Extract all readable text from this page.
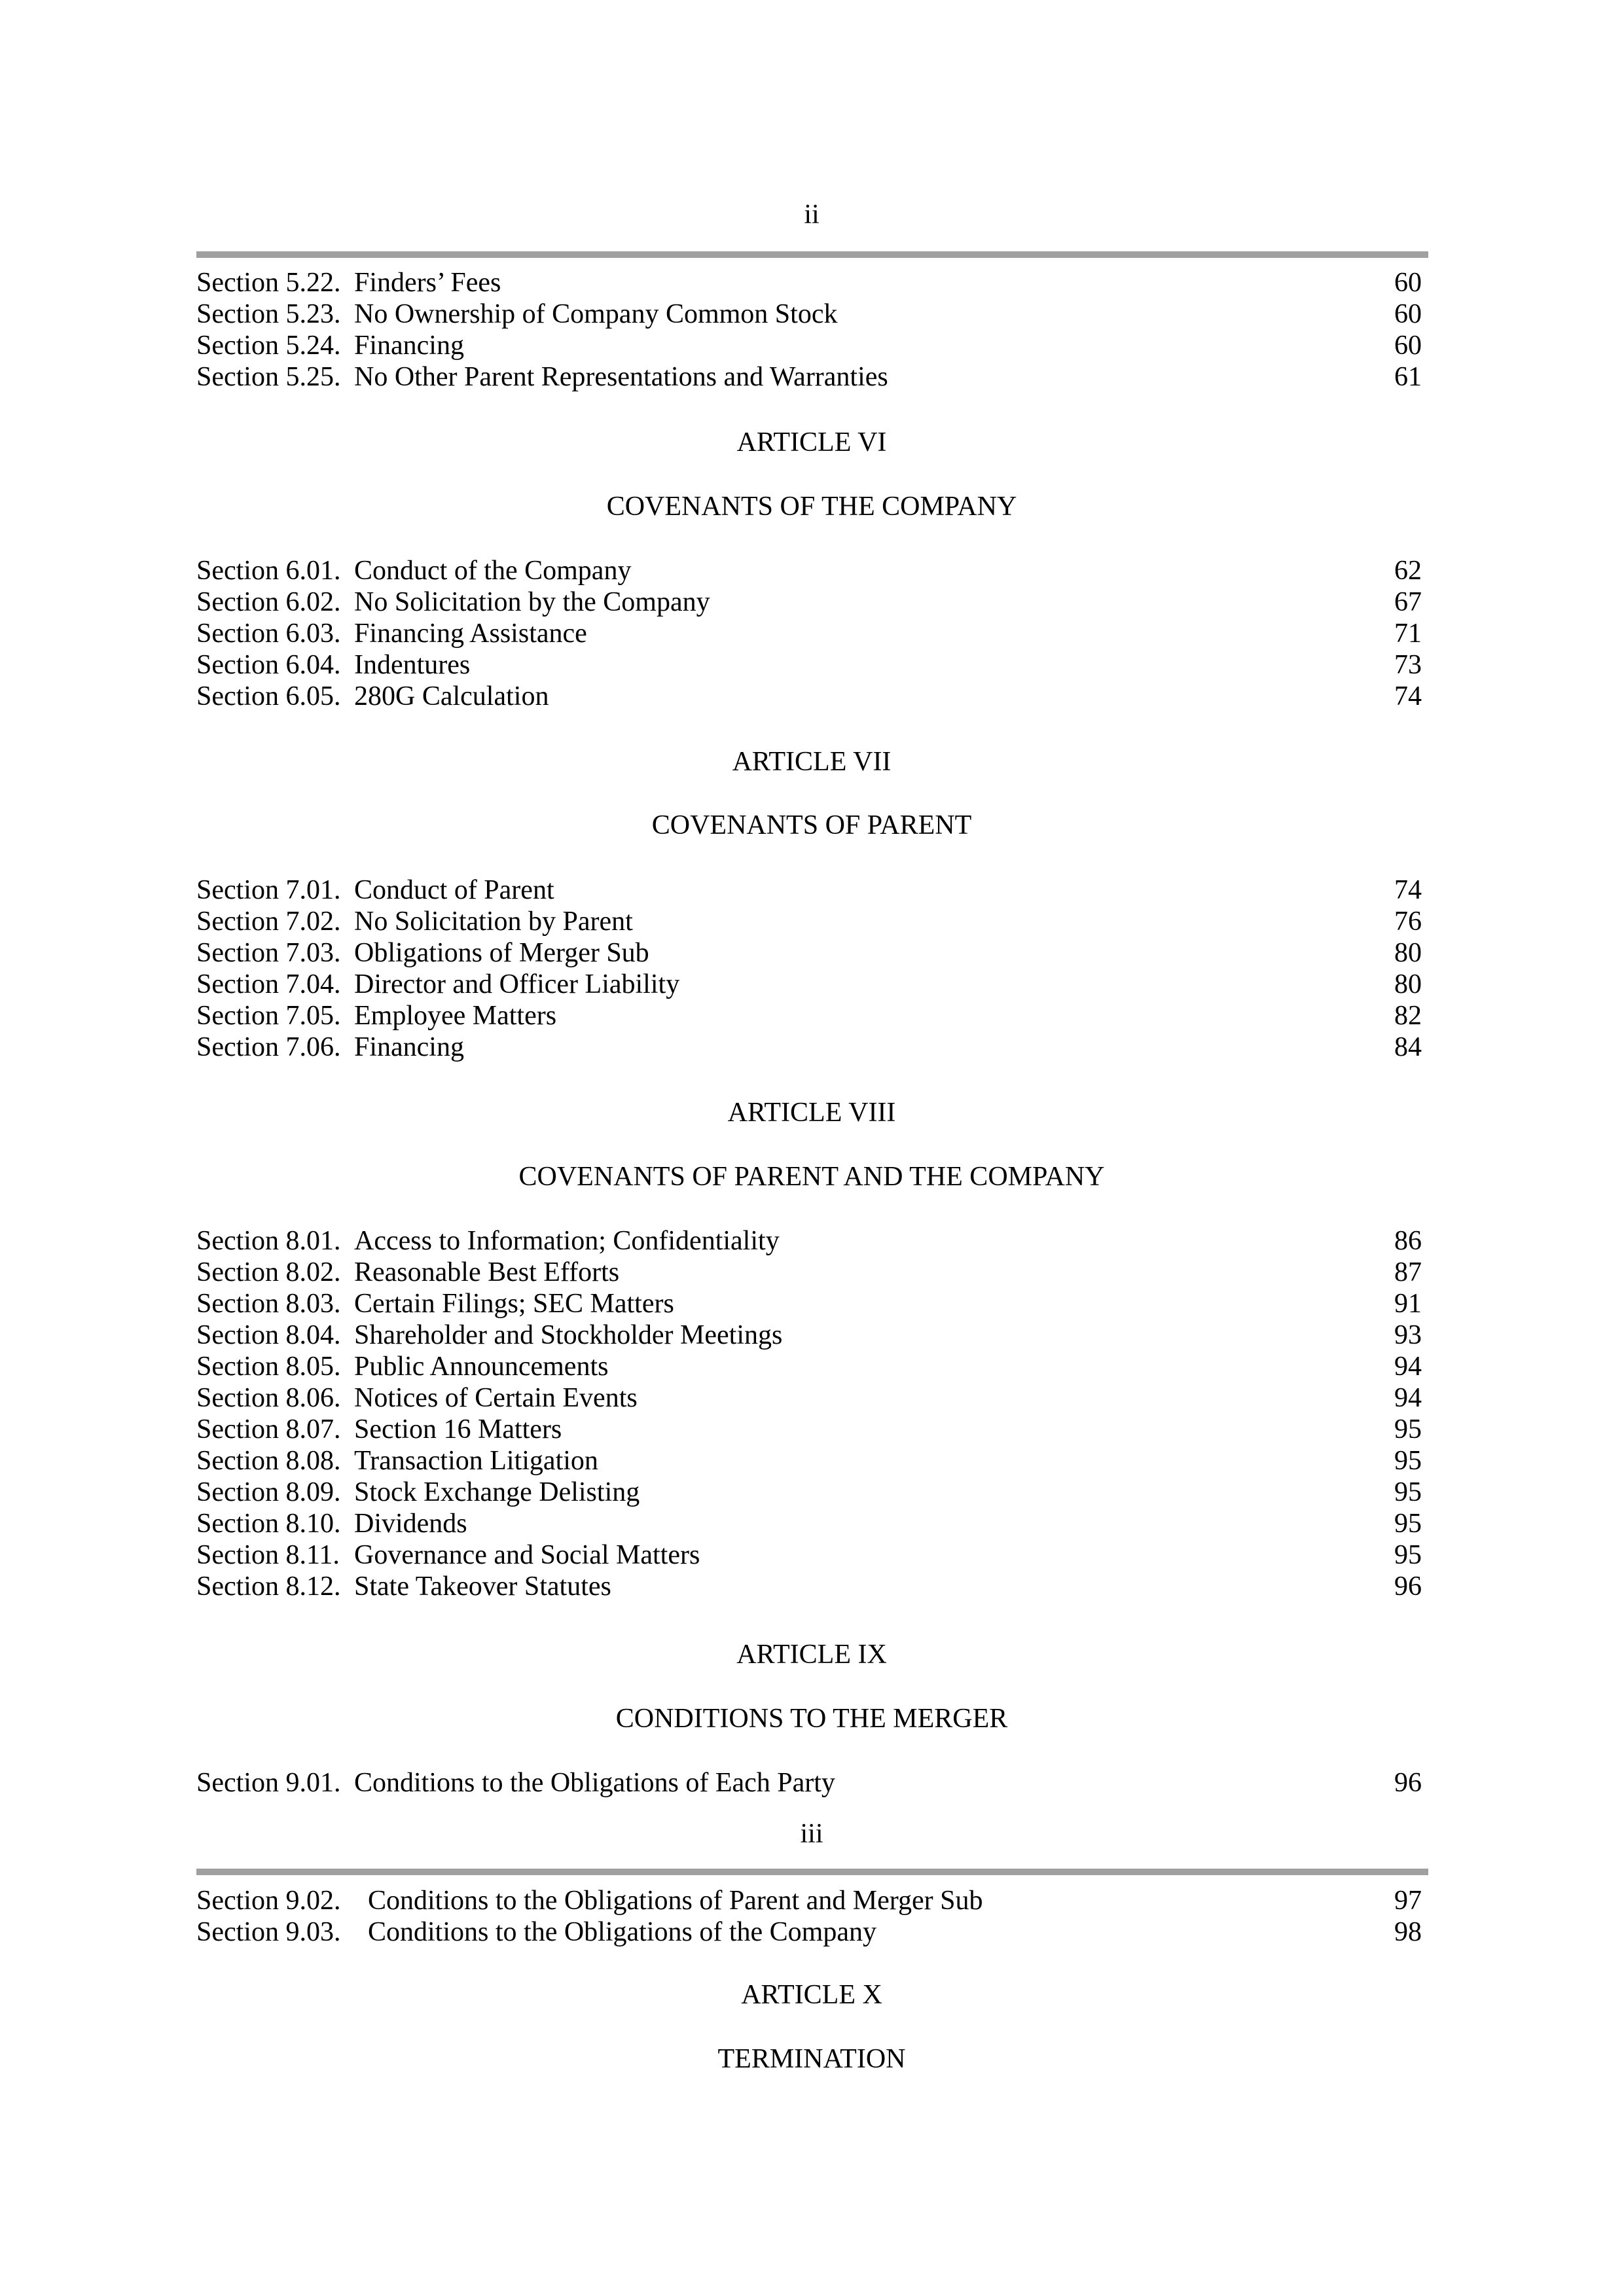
ii
Section 5.22. Finders’ Fees	60
Section 5.23. No Ownership of Company Common Stock	60
Section 5.24. Financing	60
Section 5.25. No Other Parent Representations and Warranties	61
ARTICLE VI
COVENANTS OF THE COMPANY
Section 6.01. Conduct of the Company	62
Section 6.02. No Solicitation by the Company	67
Section 6.03. Financing Assistance	71
Section 6.04. Indentures	73
Section 6.05. 280G Calculation	74
ARTICLE VII
COVENANTS OF PARENT
Section 7.01. Conduct of Parent	74
Section 7.02. No Solicitation by Parent	76
Section 7.03. Obligations of Merger Sub	80
Section 7.04. Director and Officer Liability	80
Section 7.05. Employee Matters	82
Section 7.06. Financing	84
ARTICLE VIII
COVENANTS OF PARENT AND THE COMPANY
Section 8.01. Access to Information; Confidentiality	86
Section 8.02. Reasonable Best Efforts	87
Section 8.03. Certain Filings; SEC Matters	91
Section 8.04. Shareholder and Stockholder Meetings	93
Section 8.05. Public Announcements	94
Section 8.06. Notices of Certain Events	94
Section 8.07. Section 16 Matters	95
Section 8.08. Transaction Litigation	95
Section 8.09. Stock Exchange Delisting	95
Section 8.10. Dividends	95
Section 8.11. Governance and Social Matters	95
Section 8.12. State Takeover Statutes	96
ARTICLE IX
CONDITIONS TO THE MERGER
Section 9.01. Conditions to the Obligations of Each Party	96
iii
Section 9.02. Conditions to the Obligations of Parent and Merger Sub	97
Section 9.03. Conditions to the Obligations of the Company	98
ARTICLE X
TERMINATION
